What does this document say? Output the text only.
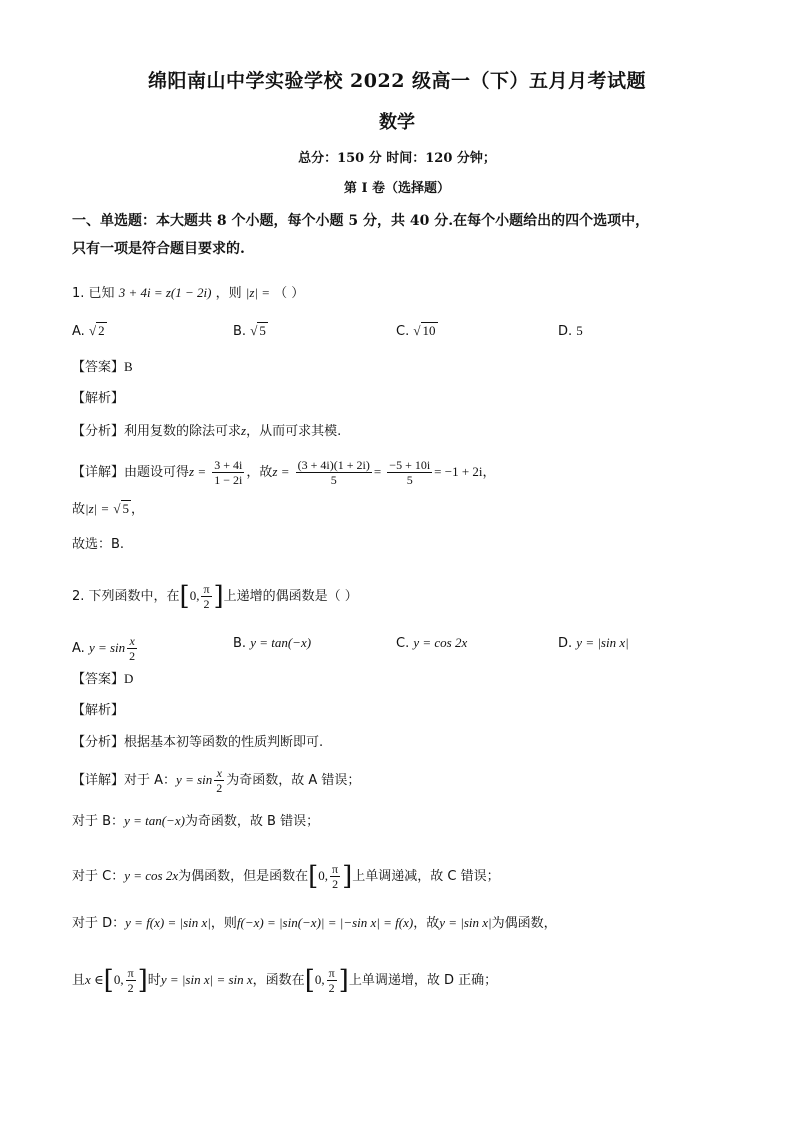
绵阳南山中学实验学校 2022 级高一（下）五月月考试题
数学
总分：150 分 时间：120 分钟；
第 I 卷（选择题）
一、单选题：本大题共 8 个小题，每个小题 5 分，共 40 分.在每个小题给出的四个选项中，
只有一项是符合题目要求的.
1. 已知 3 + 4i = z(1 − 2i) ，则 |z| = （ ）
A. √ 2	B. √ 5	C. √ 10	D. 5
【答案】B
【解析】
【分析】利用复数的除法可求z，从而可求其模.
【详解】由题设可得$z = \frac{3 + 4i}{1 - 2i}$ ，故$z = \frac{(3 + 4i)(1 + 2i)}{5} = \frac{-5 + 10i}{5} = -1 + 2i$，
故|z| = √ 5 ，
故选：B.
2. 下列函数中，在[0, $\frac{\pi}{2}$ ]上递增的偶函数是（ ）
A. $y = \sin \frac{x}{2}$	B. y = tan(−x)	C. y = cos 2x	D. y = |sin x|
【答案】D
【解析】
【分析】根据基本初等函数的性质判断即可.
【详解】对于 A：$y = \sin \frac{x}{2}$ 为奇函数，故 A 错误；
对于 B：y = tan(−x)为奇函数，故 B 错误；
对于 C：y = cos 2x为偶函数，但是函数在[0, $\frac{\pi}{2}$ ]上单调递减，故 C 错误；
对于 D：y = f(x) = |sin x|，则f(−x) = |sin(−x)| = |−sin x| = f(x)，故y = |sin x|为偶函数，
且x ∈[0, $\frac{\pi}{2}$ ]时y = |sin x| = sin x，函数在[0, $\frac{\pi}{2}$ ]上单调递增，故 D 正确；
